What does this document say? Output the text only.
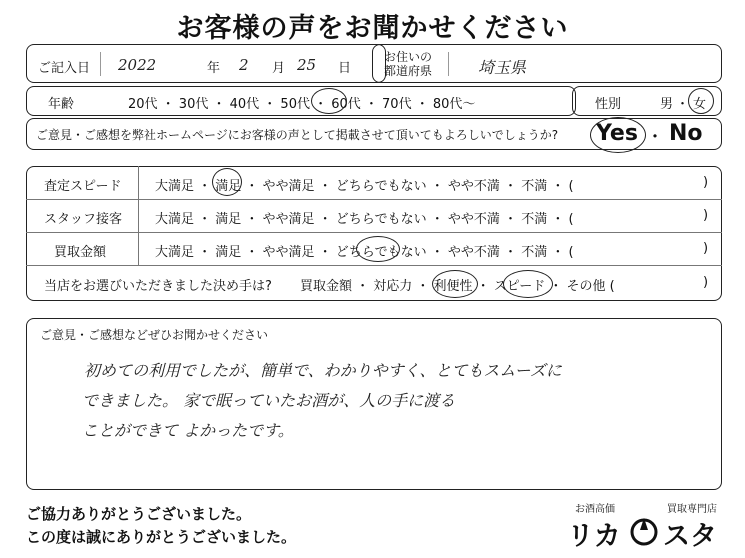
お客様の声をお聞かせください
ご記入日 2022	年 2 月 25 日
お住いの
都道府県	埼玉県
年齢	20代 ・ 30代 ・ 40代 ・ 50代 ・ 60代 ・ 70代 ・ 80代～	性別	男 ・ 女
ご意見・ご感想を弊社ホームページにお客様の声として掲載させて頂いてもよろしいでしょうか? Yes ・ No
査定スピード	大満足 ・ 満足 ・ やや満足 ・ どちらでもない ・ やや不満 ・ 不満 ・ (	)
スタッフ接客	大満足 ・ 満足 ・ やや満足 ・ どちらでもない ・ やや不満 ・ 不満 ・ (	)
買取金額	大満足 ・ 満足 ・ やや満足 ・ どちらでもない ・ やや不満 ・ 不満 ・ (	)
当店をお選びいただきました決め手は? 買取金額 ・ 対応力 ・ 利便性 ・ スピード ・ その他 (	)
ご意見・ご感想などぜひお聞かせください
初めての利用でしたが、簡単で、わかりやすく、とてもスムーズに
できました。 家で眠っていたお酒が、人の手に渡る
ことができて よかったです。
ご協力ありがとうございました。
この度は誠にありがとうございました。
お酒高価	買取専門店
リカ スタ
